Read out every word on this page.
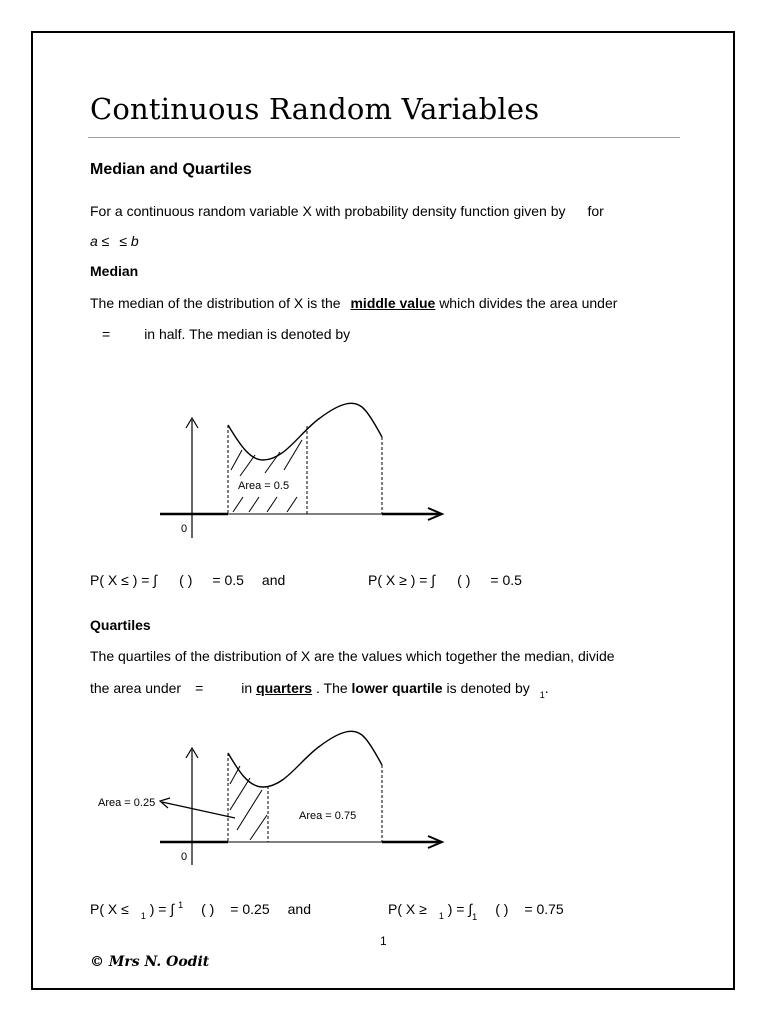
Continuous Random Variables
Median and Quartiles
For a continuous random variable X with probability density function given by for
a ≤ ≤ b
Median
The median of the distribution of X is the middle value which divides the area under
= in half. The median is denoted by
Area = 0.5
0
P( X ≤ ) = ∫ ( ) = 0.5 and	P( X ≥ ) = ∫ ( ) = 0.5
Quartiles
The quartiles of the distribution of X are the values which together the median, divide
the area under =	in quarters . The lower quartile is denoted by $_1$.
Area = 0.25
Area = 0.75
0
P( X ≤ $_1$ ) = ∫ $^1$ ( ) = 0.25 and	P( X ≥ $_1$ ) = $\int_1$ ( ) = 0.75
1
© Mrs N. Oodit
